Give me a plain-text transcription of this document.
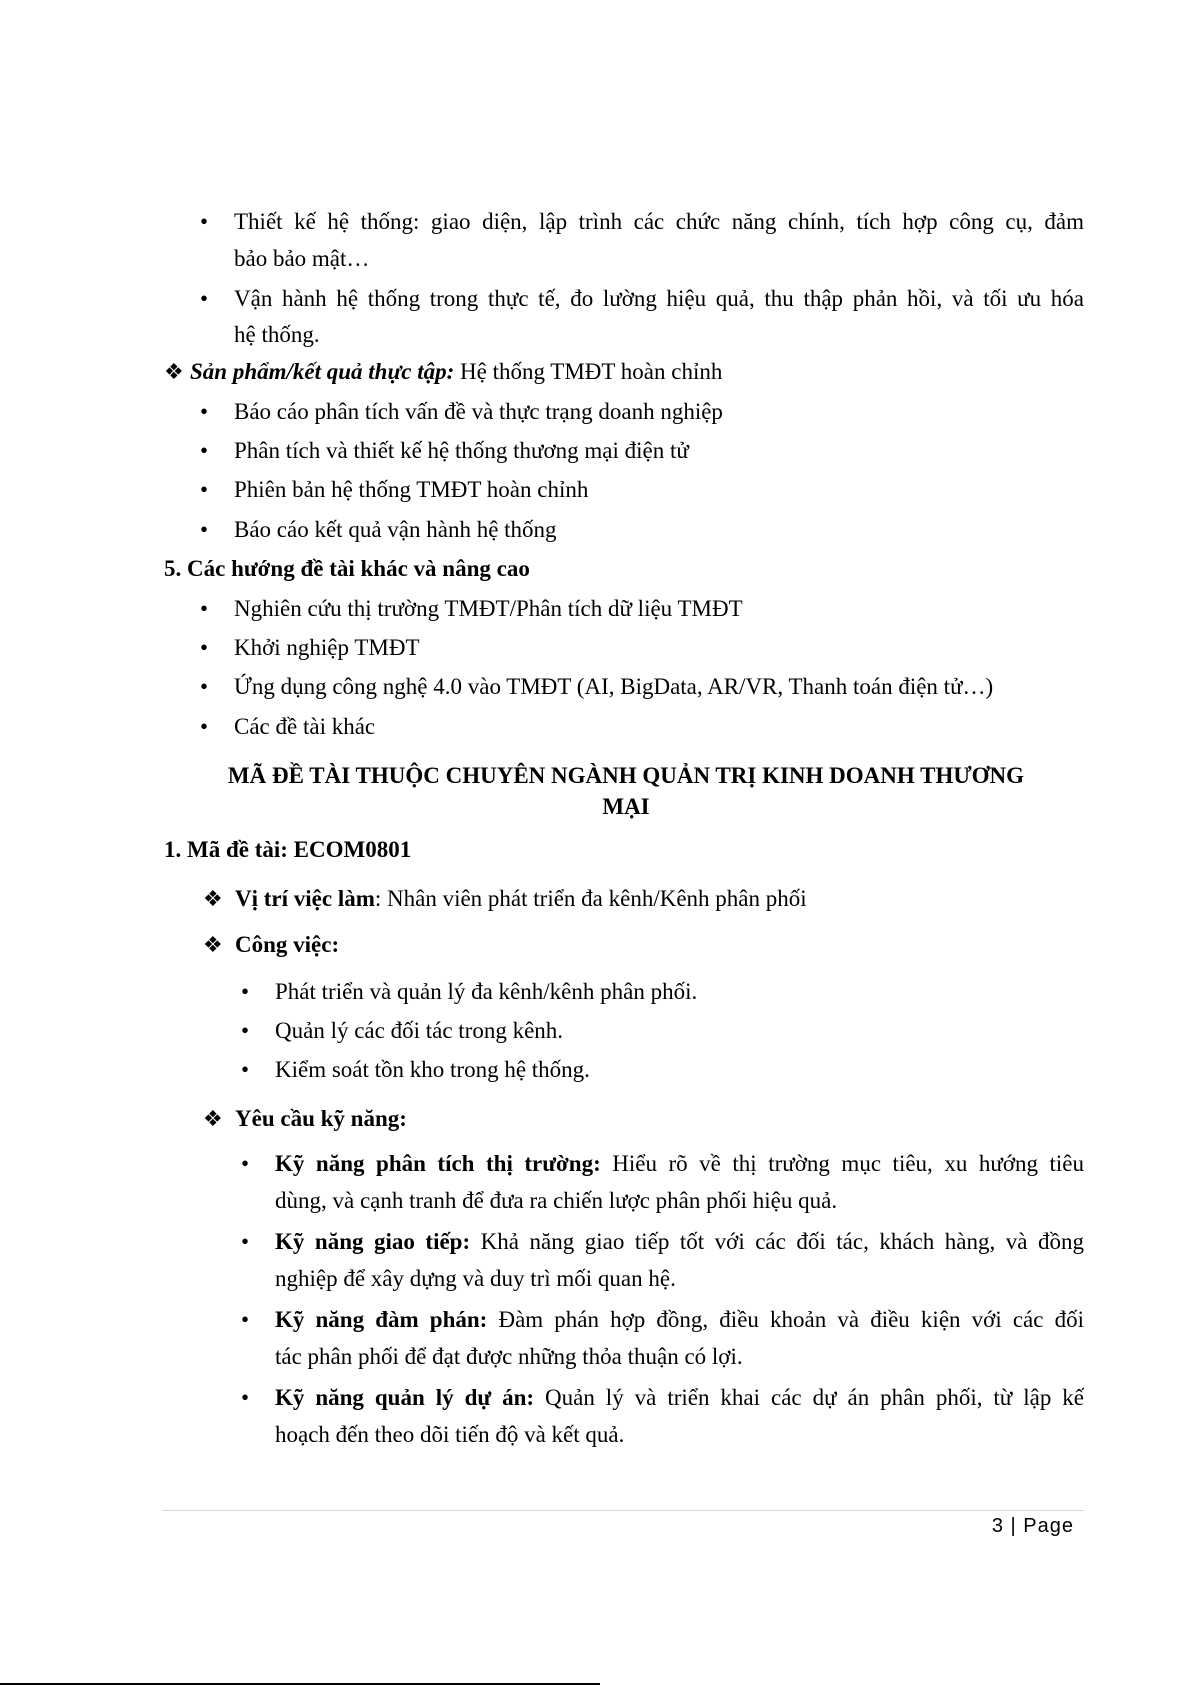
• Thiết kế hệ thống: giao diện, lập trình các chức năng chính, tích hợp công cụ, đảm
bảo bảo mật…
• Vận hành hệ thống trong thực tế, đo lường hiệu quả, thu thập phản hồi, và tối ưu hóa
hệ thống.
❖ Sản phẩm/kết quả thực tập: Hệ thống TMĐT hoàn chỉnh
• Báo cáo phân tích vấn đề và thực trạng doanh nghiệp
• Phân tích và thiết kế hệ thống thương mại điện tử
• Phiên bản hệ thống TMĐT hoàn chỉnh
• Báo cáo kết quả vận hành hệ thống
5. Các hướng đề tài khác và nâng cao
• Nghiên cứu thị trường TMĐT/Phân tích dữ liệu TMĐT
• Khởi nghiệp TMĐT
• Ứng dụng công nghệ 4.0 vào TMĐT (AI, BigData, AR/VR, Thanh toán điện tử…)
• Các đề tài khác
MÃ ĐỀ TÀI THUỘC CHUYÊN NGÀNH QUẢN TRỊ KINH DOANH THƯƠNG
MẠI
1. Mã đề tài: ECOM0801
❖ Vị trí việc làm: Nhân viên phát triển đa kênh/Kênh phân phối
❖ Công việc:
• Phát triển và quản lý đa kênh/kênh phân phối.
• Quản lý các đối tác trong kênh.
• Kiểm soát tồn kho trong hệ thống.
❖ Yêu cầu kỹ năng:
• Kỹ năng phân tích thị trường: Hiểu rõ về thị trường mục tiêu, xu hướng tiêu
dùng, và cạnh tranh để đưa ra chiến lược phân phối hiệu quả.
• Kỹ năng giao tiếp: Khả năng giao tiếp tốt với các đối tác, khách hàng, và đồng
nghiệp để xây dựng và duy trì mối quan hệ.
• Kỹ năng đàm phán: Đàm phán hợp đồng, điều khoản và điều kiện với các đối
tác phân phối để đạt được những thỏa thuận có lợi.
• Kỹ năng quản lý dự án: Quản lý và triển khai các dự án phân phối, từ lập kế
hoạch đến theo dõi tiến độ và kết quả.
3 | Page
